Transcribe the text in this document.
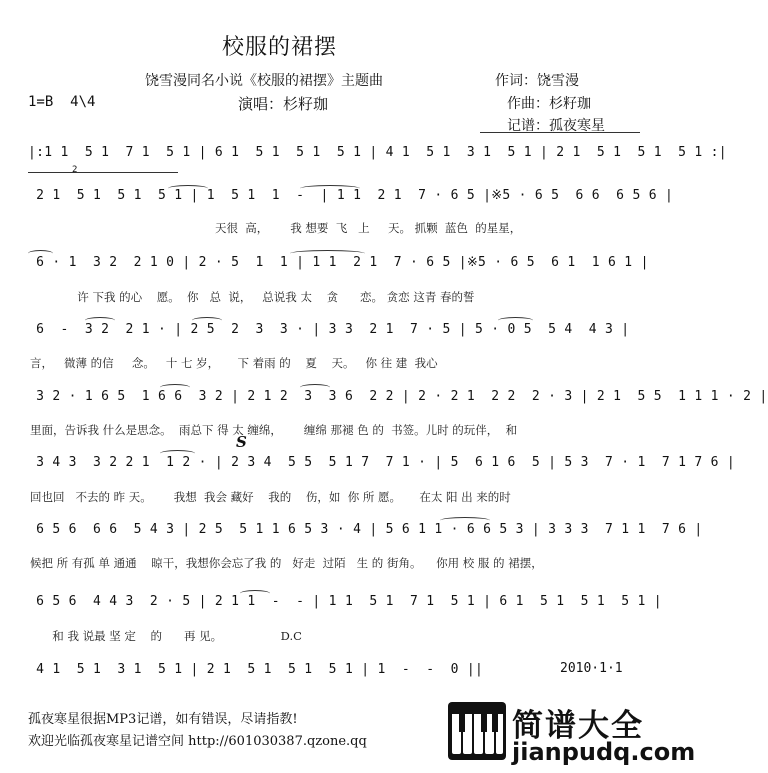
校服的裙摆
饶雪漫同名小说《校服的裙摆》主题曲	作词：饶雪漫
1=B  4\4	演唱：杉籽珈	作曲：杉籽珈
记谱：孤夜寒星
|:1 1  5 1  7 1  5 1 | 6 1  5 1  5 1  5 1 | 4 1  5 1  3 1  5 1 | 2 1  5 1  5 1  5 1 :|
2
2 1  5 1  5 1  5 1 | 1  5 1  1  -  | 1 1  2 1  7 · 6 5 |※5 · 6 5  6 6  6 5 6 |
天很  高，      我 想要  飞   上     天。 抓颗  蓝色  的星星，
6 · 1  3 2  2 1 0 | 2 · 5  1  1 | 1 1  2 1  7 · 6 5 |※5 · 6 5  6 1  1 6 1 |
许 下我 的心    愿。  你   总  说，   总说我 太    贪      恋。 贪恋 这青 春的誓
6  -  3 2  2 1 · | 2 5  2  3  3 · | 3 3  2 1  7 · 5 | 5 · 0 5  5 4  4 3 |
言，   微薄 的信     念。   十 七 岁，     下 着雨 的    夏    天。   你 往 建  我心
3 2 · 1 6 5  1 6 6  3 2 | 2 1 2  3  3 6  2 2 | 2 · 2 1  2 2  2 · 3 | 2 1  5 5  1 1 1 · 2 |
里面，告诉我 什么是思念。  雨总下 得 太 缠绵，      缠绵 那褪 色 的  书签。儿时 的玩伴，  和
3 4 3  3 2 2 1  1 2 · | 2 3 4  5 5  5 1 7  7 1 · | 5  6 1 6  5 | 5 3  7 · 1  7 1 7 6 |
回也回   不去的 昨 天。      我想  我会 藏好    我的    伤，如  你 所 愿。     在太 阳 出 来的时
S
6 5 6  6 6  5 4 3 | 2 5  5 1 1 6 5 3 · 4 | 5 6 1 1 · 6 6 5 3 | 3 3 3  7 1 1  7 6 |
候把 所 有孤 单 通通    晾干，我想你会忘了我 的   好走  过陌   生 的 街角。    你用 校 服 的 裙摆，
6 5 6  4 4 3  2 · 5 | 2 1 1  -  - | 1 1  5 1  7 1  5 1 | 6 1  5 1  5 1  5 1 |
和 我 说最 坚 定    的      再 见。                D.C
4 1  5 1  3 1  5 1 | 2 1  5 1  5 1  5 1 | 1  -  -  0 ||	2010·1·1
孤夜寒星很据MP3记谱，如有错误，尽请指教!
欢迎光临孤夜寒星记谱空间 http://601030387.qzone.qq	简谱大全
jianpudq.com
